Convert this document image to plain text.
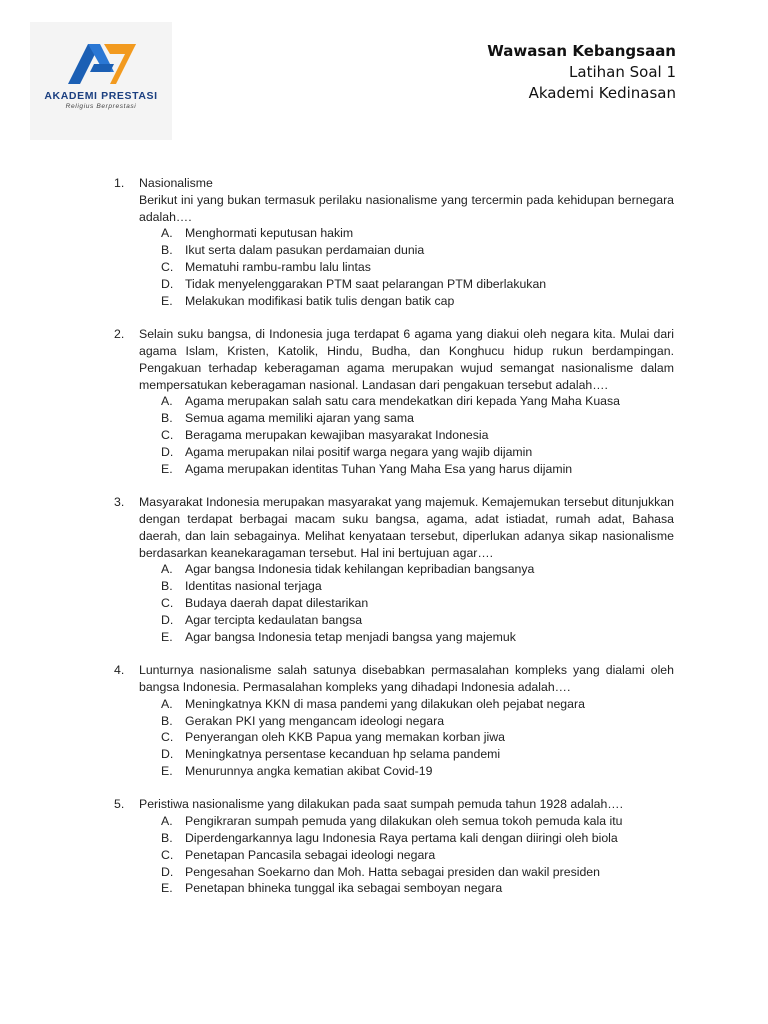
AKADEMI PRESTASI
Religius Berprestasi
Wawasan Kebangsaan
Latihan Soal 1
Akademi Kedinasan
1. Nasionalisme
Berikut ini yang bukan termasuk perilaku nasionalisme yang tercermin pada kehidupan bernegara adalah….
A. Menghormati keputusan hakim
B. Ikut serta dalam pasukan perdamaian dunia
C. Mematuhi rambu-rambu lalu lintas
D. Tidak menyelenggarakan PTM saat pelarangan PTM diberlakukan
E. Melakukan modifikasi batik tulis dengan batik cap
2. Selain suku bangsa, di Indonesia juga terdapat 6 agama yang diakui oleh negara kita. Mulai dari agama Islam, Kristen, Katolik, Hindu, Budha, dan Konghucu hidup rukun berdampingan. Pengakuan terhadap keberagaman agama merupakan wujud semangat nasionalisme dalam mempersatukan keberagaman nasional. Landasan dari pengakuan tersebut adalah….
A. Agama merupakan salah satu cara mendekatkan diri kepada Yang Maha Kuasa
B. Semua agama memiliki ajaran yang sama
C. Beragama merupakan kewajiban masyarakat Indonesia
D. Agama merupakan nilai positif warga negara yang wajib dijamin
E. Agama merupakan identitas Tuhan Yang Maha Esa yang harus dijamin
3. Masyarakat Indonesia merupakan masyarakat yang majemuk. Kemajemukan tersebut ditunjukkan dengan terdapat berbagai macam suku bangsa, agama, adat istiadat, rumah adat, Bahasa daerah, dan lain sebagainya. Melihat kenyataan tersebut, diperlukan adanya sikap nasionalisme berdasarkan keanekaragaman tersebut. Hal ini bertujuan agar….
A. Agar bangsa Indonesia tidak kehilangan kepribadian bangsanya
B. Identitas nasional terjaga
C. Budaya daerah dapat dilestarikan
D. Agar tercipta kedaulatan bangsa
E. Agar bangsa Indonesia tetap menjadi bangsa yang majemuk
4. Lunturnya nasionalisme salah satunya disebabkan permasalahan kompleks yang dialami oleh bangsa Indonesia. Permasalahan kompleks yang dihadapi Indonesia adalah….
A. Meningkatnya KKN di masa pandemi yang dilakukan oleh pejabat negara
B. Gerakan PKI yang mengancam ideologi negara
C. Penyerangan oleh KKB Papua yang memakan korban jiwa
D. Meningkatnya persentase kecanduan hp selama pandemi
E. Menurunnya angka kematian akibat Covid-19
5. Peristiwa nasionalisme yang dilakukan pada saat sumpah pemuda tahun 1928 adalah….
A. Pengikraran sumpah pemuda yang dilakukan oleh semua tokoh pemuda kala itu
B. Diperdengarkannya lagu Indonesia Raya pertama kali dengan diiringi oleh biola
C. Penetapan Pancasila sebagai ideologi negara
D. Pengesahan Soekarno dan Moh. Hatta sebagai presiden dan wakil presiden
E. Penetapan bhineka tunggal ika sebagai semboyan negara
